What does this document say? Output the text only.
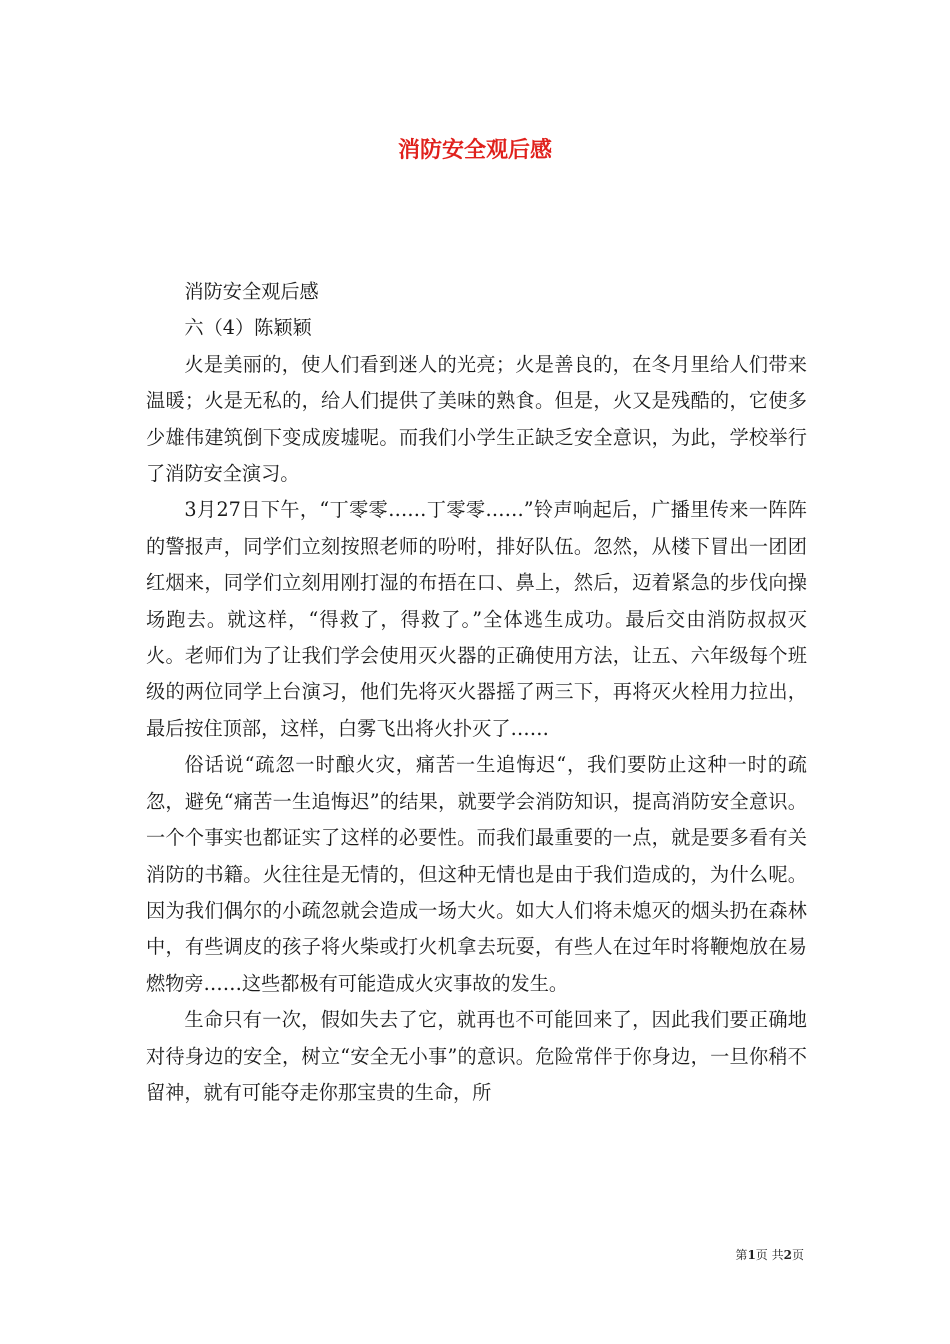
消防安全观后感

消防安全观后感

六（4）陈颖颖

火是美丽的，使人们看到迷人的光亮；火是善良的，在冬月里给人们带来温暖；火是无私的，给人们提供了美味的熟食。但是，火又是残酷的，它使多少雄伟建筑倒下变成废墟呢。而我们小学生正缺乏安全意识，为此，学校举行了消防安全演习。

3月27日下午，“丁零零……丁零零……”铃声响起后，广播里传来一阵阵的警报声，同学们立刻按照老师的吩咐，排好队伍。忽然，从楼下冒出一团团红烟来，同学们立刻用刚打湿的布捂在口、鼻上，然后，迈着紧急的步伐向操场跑去。就这样，“得救了，得救了。”全体逃生成功。最后交由消防叔叔灭火。老师们为了让我们学会使用灭火器的正确使用方法，让五、六年级每个班级的两位同学上台演习，他们先将灭火器摇了两三下，再将灭火栓用力拉出，最后按住顶部，这样，白雾飞出将火扑灭了……

俗话说“疏忽一时酿火灾，痛苦一生追悔迟“，我们要防止这种一时的疏忽，避免“痛苦一生追悔迟”的结果，就要学会消防知识，提高消防安全意识。一个个事实也都证实了这样的必要性。而我们最重要的一点，就是要多看有关消防的书籍。火往往是无情的，但这种无情也是由于我们造成的，为什么呢。因为我们偶尔的小疏忽就会造成一场大火。如大人们将未熄灭的烟头扔在森林中，有些调皮的孩子将火柴或打火机拿去玩耍，有些人在过年时将鞭炮放在易燃物旁……这些都极有可能造成火灾事故的发生。

生命只有一次，假如失去了它，就再也不可能回来了，因此我们要正确地对待身边的安全，树立“安全无小事”的意识。危险常伴于你身边，一旦你稍不留神，就有可能夺走你那宝贵的生命，所

第1页 共2页
